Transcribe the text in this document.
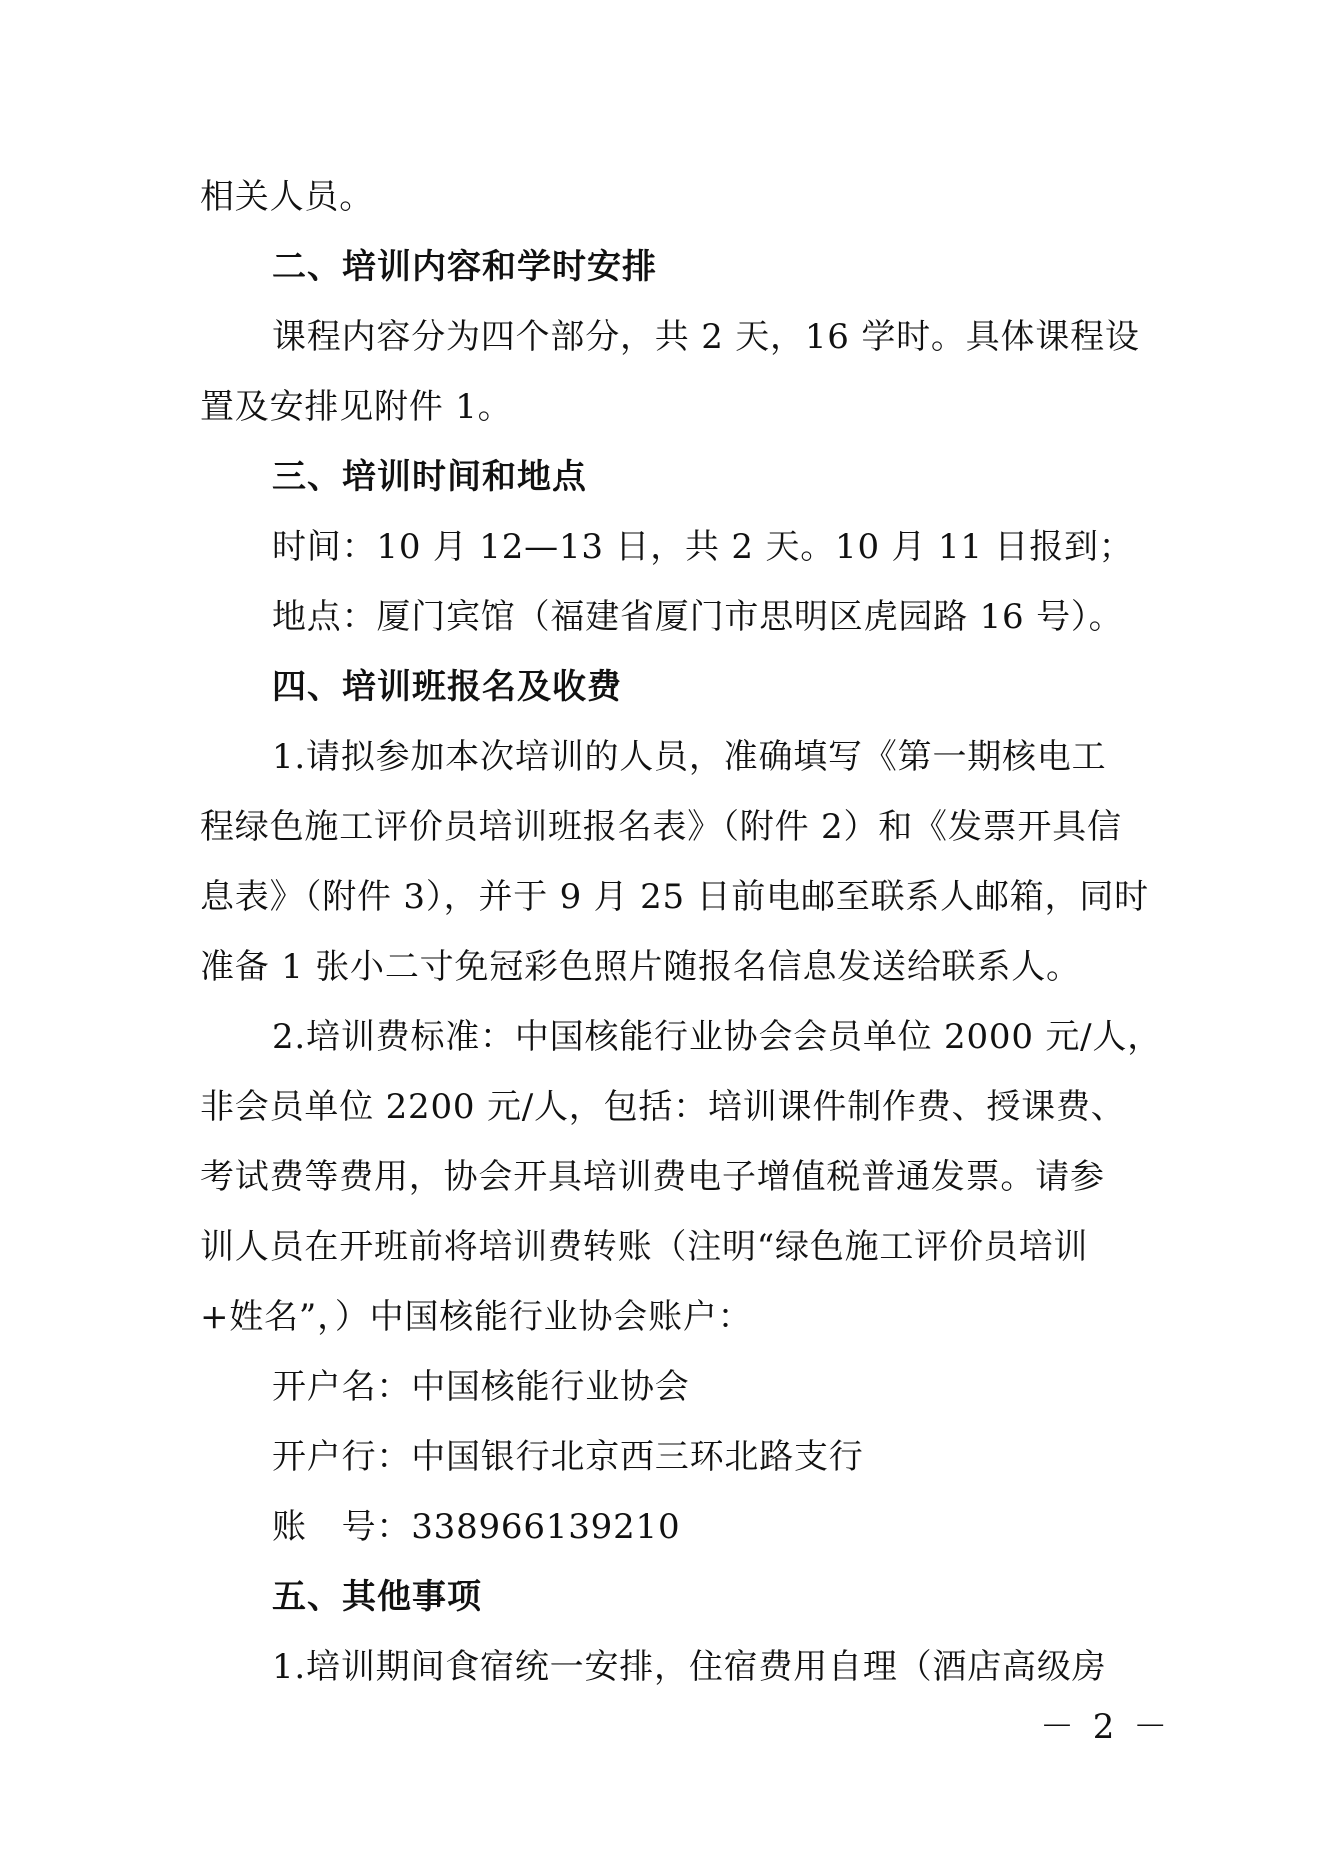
相关人员。
二、培训内容和学时安排
课程内容分为四个部分，共 2 天，16 学时。具体课程设
置及安排见附件 1。
三、培训时间和地点
时间：10 月 12—13 日，共 2 天。10 月 11 日报到；
地点：厦门宾馆（福建省厦门市思明区虎园路 16 号）。
四、培训班报名及收费
1.请拟参加本次培训的人员，准确填写《第一期核电工
程绿色施工评价员培训班报名表》（附件 2）和《发票开具信
息表》（附件 3），并于 9 月 25 日前电邮至联系人邮箱，同时
准备 1 张小二寸免冠彩色照片随报名信息发送给联系人。
2.培训费标准：中国核能行业协会会员单位 2000 元/人，
非会员单位 2200 元/人，包括：培训课件制作费、授课费、
考试费等费用，协会开具培训费电子增值税普通发票。请参
训人员在开班前将培训费转账（注明“绿色施工评价员培训
+姓名”，）中国核能行业协会账户：
开户名：中国核能行业协会
开户行：中国银行北京西三环北路支行
账　号：338966139210
五、其他事项
1.培训期间食宿统一安排，住宿费用自理（酒店高级房
－ 2 －
